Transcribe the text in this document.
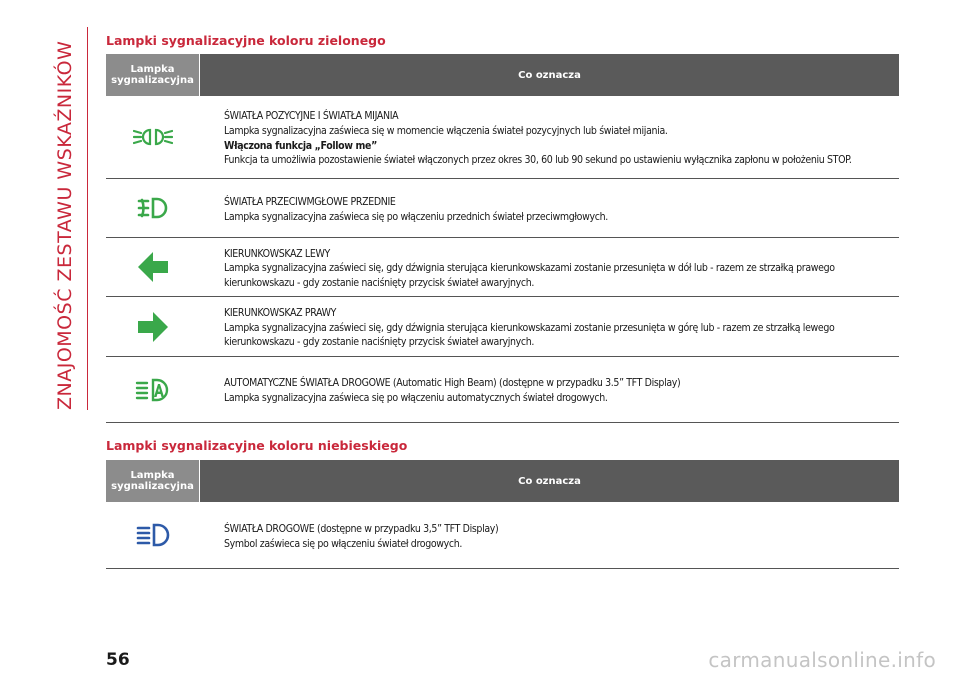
ZNAJOMOŚĆ ZESTAWU WSKAŹNIKÓW
Lampki sygnalizacyjne koloru zielonego
Lampka sygnalizacyjna	Co oznacza
ŚWIATŁA POZYCYJNE I ŚWIATŁA MIJANIA
Lampka sygnalizacyjna zaświeca się w momencie włączenia świateł pozycyjnych lub świateł mijania.
Włączona funkcja „Follow me”
Funkcja ta umożliwia pozostawienie świateł włączonych przez okres 30, 60 lub 90 sekund po ustawieniu wyłącznika zapłonu w położeniu STOP.
ŚWIATŁA PRZECIWMGŁOWE PRZEDNIE
Lampka sygnalizacyjna zaświeca się po włączeniu przednich świateł przeciwmgłowych.
KIERUNKOWSKAZ LEWY
Lampka sygnalizacyjna zaświeci się, gdy dźwignia sterująca kierunkowskazami zostanie przesunięta w dół lub - razem ze strzałką prawego kierunkowskazu - gdy zostanie naciśnięty przycisk świateł awaryjnych.
KIERUNKOWSKAZ PRAWY
Lampka sygnalizacyjna zaświeci się, gdy dźwignia sterująca kierunkowskazami zostanie przesunięta w górę lub - razem ze strzałką lewego kierunkowskazu - gdy zostanie naciśnięty przycisk świateł awaryjnych.
AUTOMATYCZNE ŚWIATŁA DROGOWE (Automatic High Beam) (dostępne w przypadku 3.5” TFT Display)
Lampka sygnalizacyjna zaświeca się po włączeniu automatycznych świateł drogowych.
Lampki sygnalizacyjne koloru niebieskiego
Lampka sygnalizacyjna	Co oznacza
ŚWIATŁA DROGOWE (dostępne w przypadku 3,5” TFT Display)
Symbol zaświeca się po włączeniu świateł drogowych.
56	carmanualsonline.info
